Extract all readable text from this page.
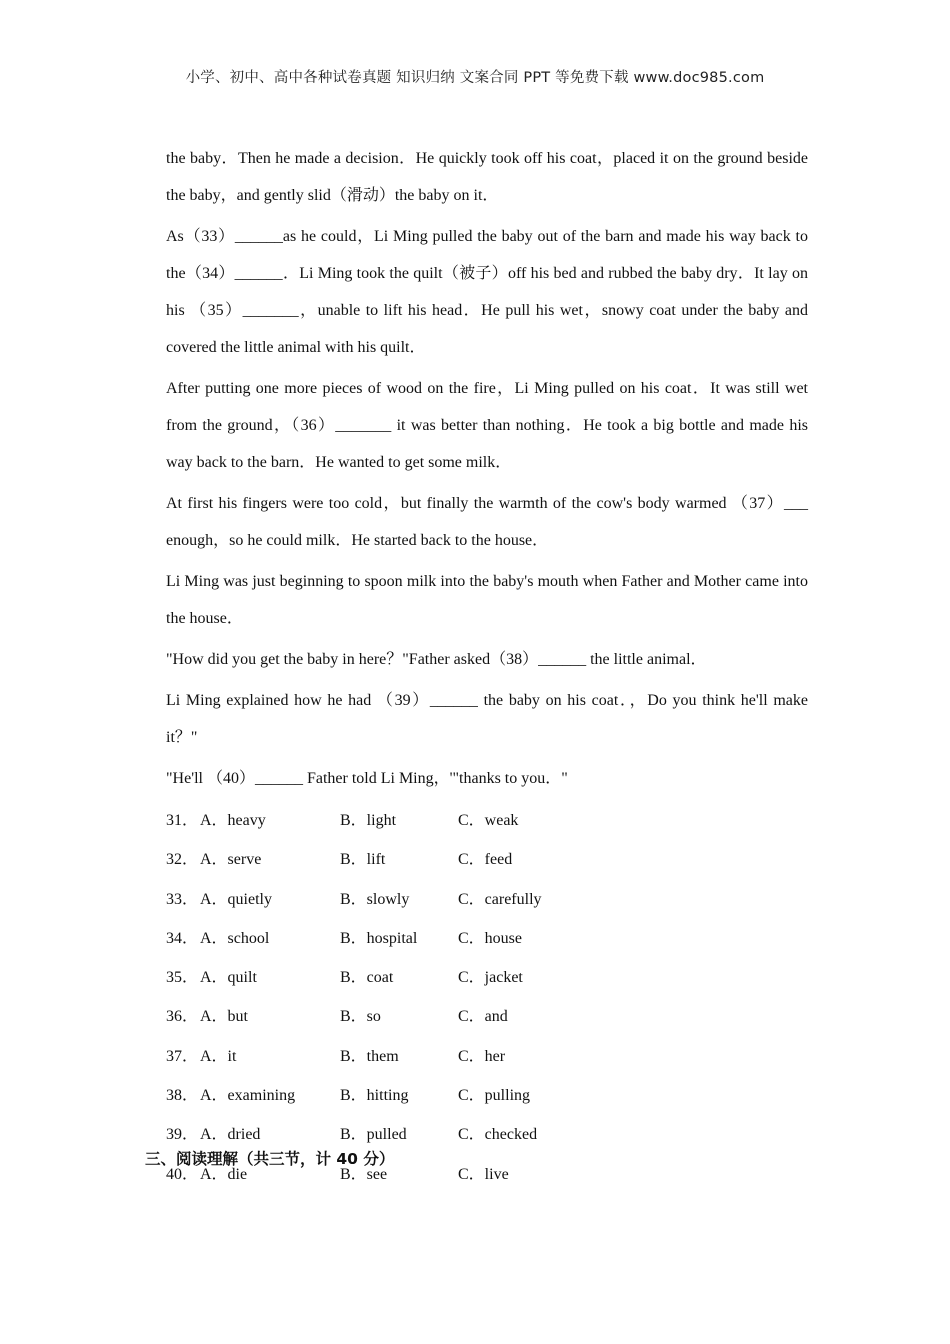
小学、初中、高中各种试卷真题 知识归纳 文案合同 PPT 等免费下载 www.doc985.com

the baby．Then he made a decision．He quickly took off his coat，placed it on the ground beside the baby，and gently slid（滑动）the baby on it．

As（33）______as he could，Li Ming pulled the baby out of the barn and made his way back to the（34）______．Li Ming took the quilt（被子）off his bed and rubbed the baby dry．It lay on his （35）_______，unable to lift his head．He pull his wet，snowy coat under the baby and covered the little animal with his quilt．

After putting one more pieces of wood on the fire，Li Ming pulled on his coat．It was still wet from the ground，（36）_______ it was better than nothing．He took a big bottle and made his way back to the barn．He wanted to get some milk．

At first his fingers were too cold，but finally the warmth of the cow's body warmed （37）___ enough，so he could milk．He started back to the house．

Li Ming was just beginning to spoon milk into the baby's mouth when Father and Mother came into the house．

"How did you get the baby in here？"Father asked（38）______ the little animal．

Li Ming explained how he had （39）______ the baby on his coat．，Do you think he'll make it？"

"He'll （40）______ Father told Li Ming，'"thanks to you．"

31． A．heavy	B．light	C．weak
32． A．serve	B．lift	C．feed
33． A．quietly	B．slowly	C．carefully
34． A．school	B．hospital	C．house
35． A．quilt	B．coat	C．jacket
36． A．but	B．so	C．and
37． A．it	B．them	C．her
38． A．examining	B．hitting	C．pulling
39． A．dried	B．pulled	C．checked
40． A．die	B．see	C．live
三、阅读理解（共三节，计 40 分）
